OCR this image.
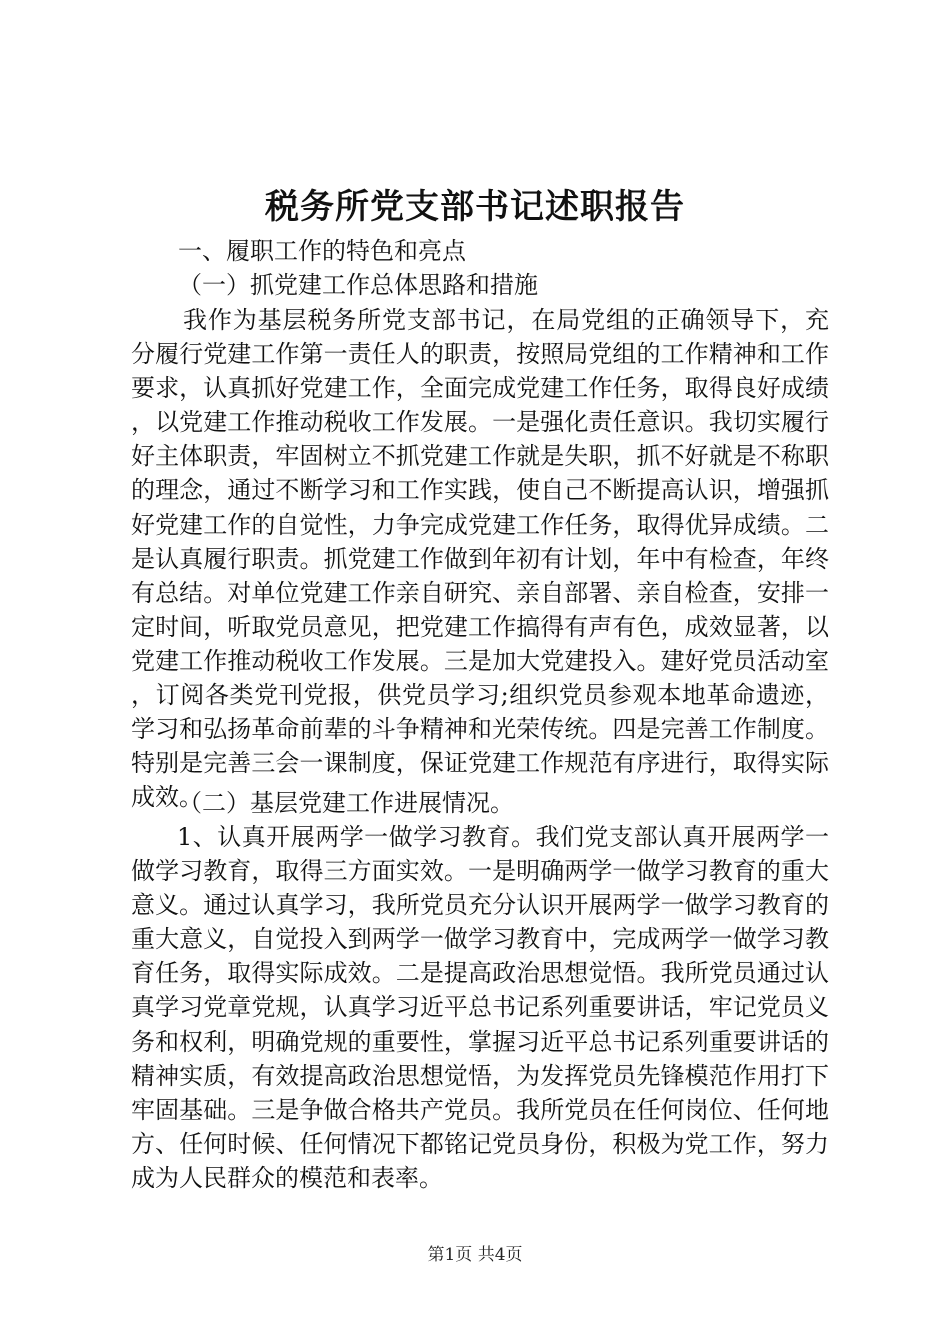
税务所党支部书记述职报告
一、履职工作的特色和亮点
（一）抓党建工作总体思路和措施
我作为基层税务所党支部书记，在局党组的正确领导下，充分履行党建工作第一责任人的职责，按照局党组的工作精神和工作要求，认真抓好党建工作，全面完成党建工作任务，取得良好成绩，以党建工作推动税收工作发展。一是强化责任意识。我切实履行好主体职责，牢固树立不抓党建工作就是失职，抓不好就是不称职的理念，通过不断学习和工作实践，使自己不断提高认识，增强抓好党建工作的自觉性，力争完成党建工作任务，取得优异成绩。二是认真履行职责。抓党建工作做到年初有计划，年中有检查，年终有总结。对单位党建工作亲自研究、亲自部署、亲自检查，安排一定时间，听取党员意见，把党建工作搞得有声有色，成效显著，以党建工作推动税收工作发展。三是加大党建投入。建好党员活动室，订阅各类党刊党报，供党员学习;组织党员参观本地革命遗迹，学习和弘扬革命前辈的斗争精神和光荣传统。四是完善工作制度。特别是完善三会一课制度，保证党建工作规范有序进行，取得实际成效。
（二）基层党建工作进展情况。
1、认真开展两学一做学习教育。我们党支部认真开展两学一做学习教育，取得三方面实效。一是明确两学一做学习教育的重大意义。通过认真学习，我所党员充分认识开展两学一做学习教育的重大意义，自觉投入到两学一做学习教育中，完成两学一做学习教育任务，取得实际成效。二是提高政治思想觉悟。我所党员通过认真学习党章党规，认真学习近平总书记系列重要讲话，牢记党员义务和权利，明确党规的重要性，掌握习近平总书记系列重要讲话的精神实质，有效提高政治思想觉悟，为发挥党员先锋模范作用打下牢固基础。三是争做合格共产党员。我所党员在任何岗位、任何地方、任何时候、任何情况下都铭记党员身份，积极为党工作，努力成为人民群众的模范和表率。
第1页 共4页
